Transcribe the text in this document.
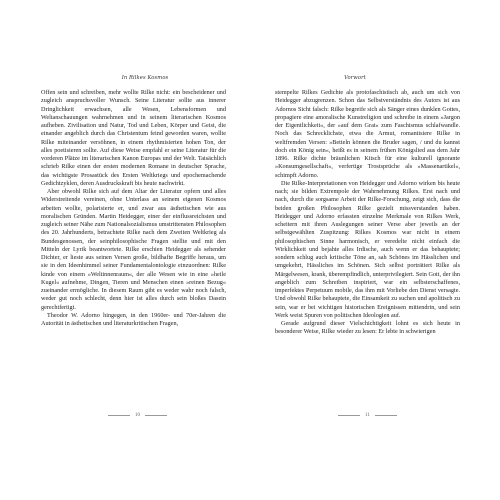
In Rilkes Kosmos

Offen sein und schreiben, mehr wollte Rilke nicht: ein bescheidener und zugleich anspruchsvoller Wunsch. Seine Literatur sollte aus innerer Dringlichkeit erwachsen, alle Wesen, Lebensformen und Weltanschauungen wahrnehmen und in seinem literarischen Kosmos aufheben. Zivilisation und Natur, Tod und Leben, Körper und Geist, die einander angeblich durch das Christentum feind geworden waren, wollte Rilke miteinander versöhnen, in einem rhythmisierten hohen Ton, der alles poetisieren sollte. Auf diese Weise empfahl er seine Literatur für die vorderen Plätze im literarischen Kanon Europas und der Welt. Tatsächlich schrieb Rilke einen der ersten modernen Romane in deutscher Sprache, das wichtigste Prosastück des Ersten Weltkriegs und epochemachende Gedichtzyklen, deren Ausdruckskraft bis heute nachwirkt.

Aber obwohl Rilke sich auf dem Altar der Literatur opfern und alles Widerstreitende vereinen, ohne Unterlass an seinem eigenen Kosmos arbeiten wollte, polarisierte er, und zwar aus ästhetischen wie aus moralischen Gründen. Martin Heidegger, einer der einflussreichsten und zugleich seiner Nähe zum Nationalsozialismus umstrittensten Philosophen des 20. Jahrhunderts, betrachtete Rilke nach dem Zweiten Weltkrieg als Bundesgenossen, der seinphilosophische Fragen stellte und mit den Mitteln der Lyrik beantwortete. Rilke erschien Heidegger als sehender Dichter, er lieste aus seinen Versen große, bildhafte Begriffe heraus, um sie in den Ideenhimmel seiner Fundamentalontologie einzuordnen: Rilke kinde von einem »Weltinnenraum«, der alle Wesen wie in eine »heile Kugel« aufnehme, Dingen, Tieren und Menschen einen »reinen Bezug« zueinander ermögliche. In diesem Raum gibt es weder wahr noch falsch, weder gut noch schlecht, denn hier ist alles durch sein bloßes Dasein gerechtfertigt.

Theodor W. Adorno hingegen, in den 1960er- und 70er-Jahren die Autorität in ästhetischen und literaturkritischen Fragen,

10
Vorwort

stempelte Rilkes Gedichte als protofaschistisch ab, auch um sich von Heidegger abzugrenzen. Schon das Selbstverständnis des Autors ist aus Adornos Sicht falsch: Rilke begreife sich als Sänger eines dunklen Gottes, propagiere eine amoralische Kunstreligion und schreibe in einem »Jargon der Eigentlichkeit«, der »auf dem Grat« zum Faschismus schlafwandle. Noch das Schrecklichste, etwa die Armut, romantisiere Rilke in weltfremden Versen: »Betteln können die Bruder sagen, / und du kannst doch ein König sein«, heißt es in seinem frühen Königslied aus dem Jahr 1896. Rilke dichte bräunlichen Kitsch für eine kulturell ignorante »Konsumgesellschaft«, verfertige Trostsprüche als »Massenartikel«, schimpft Adorno.

Die Rilke-Interpretationen von Heidegger und Adorno wirken bis heute nach; sie bilden Extrempole der Wahrnehmung Rilkes. Erst nach und nach, durch die sorgsame Arbeit der Rilke-Forschung, zeigt sich, dass die beiden großen Philosophen Rilke gezielt missverstanden haben. Heidegger und Adorno erfassten einzelne Merkmale von Rilkes Werk, scheitern mit ihren Auslegungen seiner Verse aber jeweils an der selbstgewählten Zuspitzung: Rilkes Kosmos war nicht in einem philosophischen Sinne harmonisch, er veredelte nicht einfach die Wirklichkeit und bejahte alles Irdische, auch wenn er das behauptete; sondern schlug auch kritische Töne an, sah Schönes im Hässlichen und umgekehrt, Hässliches im Schönen. Sich selbst porträtiert Rilke als Märgelwesen, krank, überempfindlich, unterprivilegiert. Sein Gott, der ihn angeblich zum Schreiben inspiriert, war ein selbsterschaffenes, imperfektes Perpetuum mobile, das ihm mit Vorliebe den Dienst versagte. Und obwohl Rilke behauptete, die Einsamkeit zu suchen und apolitisch zu sein, war er bei wichtigen historischen Ereignissen mittendrin, und sein Werk weist Spuren von politischen Ideologien auf.

Gerade aufgrund dieser Vielschichtigkeit lohnt es sich heute in besonderer Weise, Rilke wieder zu lesen: Er lebte in schwierigen

11
